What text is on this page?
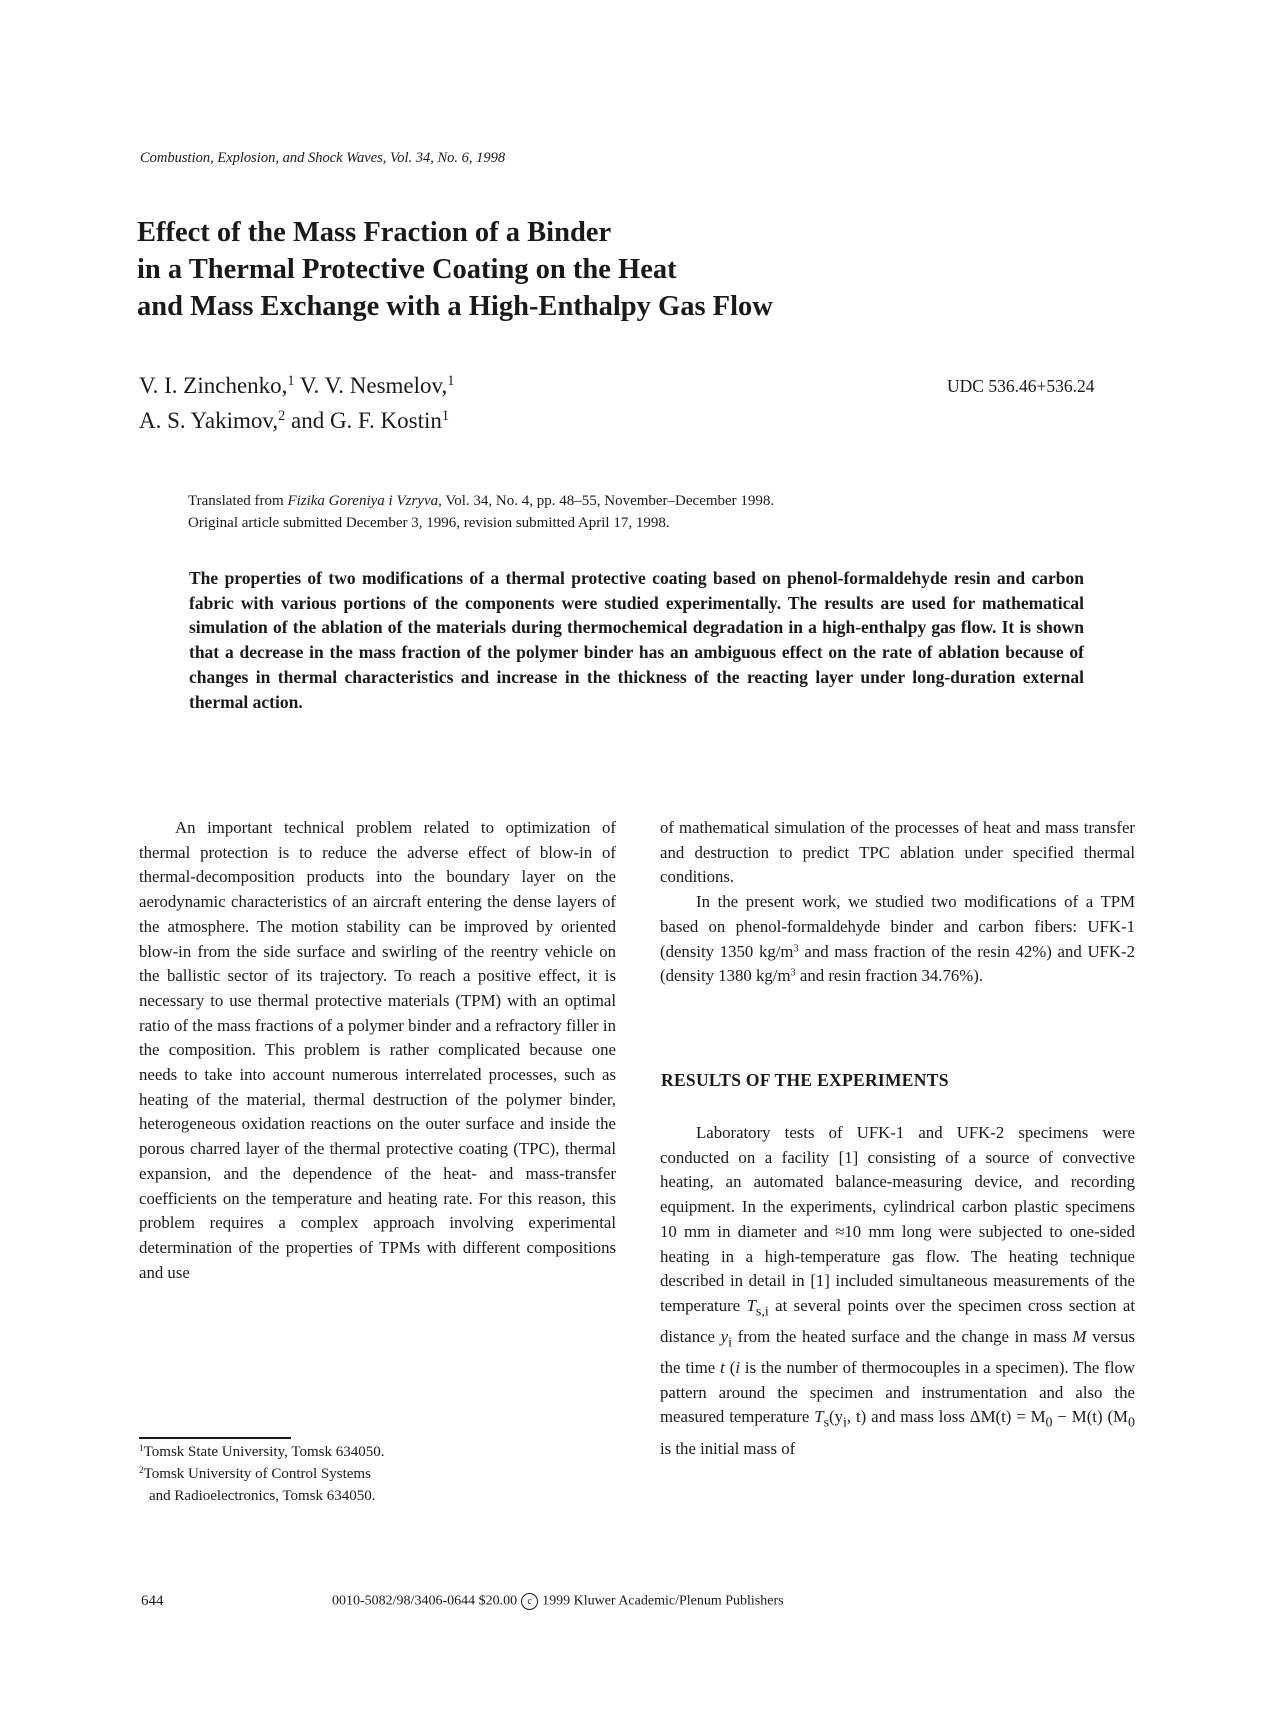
Combustion, Explosion, and Shock Waves, Vol. 34, No. 6, 1998
Effect of the Mass Fraction of a Binder
in a Thermal Protective Coating on the Heat
and Mass Exchange with a High-Enthalpy Gas Flow
V. I. Zinchenko,$^1$ V. V. Nesmelov,$^1$
A. S. Yakimov,$^2$ and G. F. Kostin$^1$
UDC 536.46+536.24
Translated from Fizika Goreniya i Vzryva, Vol. 34, No. 4, pp. 48–55, November–December 1998.
Original article submitted December 3, 1996, revision submitted April 17, 1998.
The properties of two modifications of a thermal protective coating based on phenol-formaldehyde resin and carbon fabric with various portions of the components were studied experimentally. The results are used for mathematical simulation of the ablation of the materials during thermochemical degradation in a high-enthalpy gas flow. It is shown that a decrease in the mass fraction of the polymer binder has an ambiguous effect on the rate of ablation because of changes in thermal characteristics and increase in the thickness of the reacting layer under long-duration external thermal action.

An important technical problem related to optimization of thermal protection is to reduce the adverse effect of blow-in of thermal-decomposition products into the boundary layer on the aerodynamic characteristics of an aircraft entering the dense layers of the atmosphere. The motion stability can be improved by oriented blow-in from the side surface and swirling of the reentry vehicle on the ballistic sector of its trajectory. To reach a positive effect, it is necessary to use thermal protective materials (TPM) with an optimal ratio of the mass fractions of a polymer binder and a refractory filler in the composition. This problem is rather complicated because one needs to take into account numerous interrelated processes, such as heating of the material, thermal destruction of the polymer binder, heterogeneous oxidation reactions on the outer surface and inside the porous charred layer of the thermal protective coating (TPC), thermal expansion, and the dependence of the heat- and mass-transfer coefficients on the temperature and heating rate. For this reason, this problem requires a complex approach involving experimental determination of the properties of TPMs with different compositions and use

of mathematical simulation of the processes of heat and mass transfer and destruction to predict TPC ablation under specified thermal conditions.

In the present work, we studied two modifications of a TPM based on phenol-formaldehyde binder and carbon fibers: UFK-1 (density 1350 $kg/m^3$ and mass fraction of the resin 42%) and UFK-2 (density 1380 $kg/m^3$ and resin fraction 34.76%).

RESULTS OF THE EXPERIMENTS

Laboratory tests of UFK-1 and UFK-2 specimens were conducted on a facility [1] consisting of a source of convective heating, an automated balance-measuring device, and recording equipment. In the experiments, cylindrical carbon plastic specimens 10 mm in diameter and ≈10 mm long were subjected to one-sided heating in a high-temperature gas flow. The heating technique described in detail in [1] included simultaneous measurements of the temperature $T_{s,i}$ at several points over the specimen cross section at distance $y_i$ from the heated surface and the change in mass M versus the time t (i is the number of thermocouples in a specimen). The flow pattern around the specimen and instrumentation and also the measured temperature $T_s(y_i$, t) and mass loss $\Delta M(t) = M_0 - M(t)$ ($M_0$ is the initial mass of

$^1$Tomsk State University, Tomsk 634050.
$^2$Tomsk University of Control Systems
and Radioelectronics, Tomsk 634050.
644	0010-5082/98/3406-0644 $20.00 c 1999 Kluwer Academic/Plenum Publishers
